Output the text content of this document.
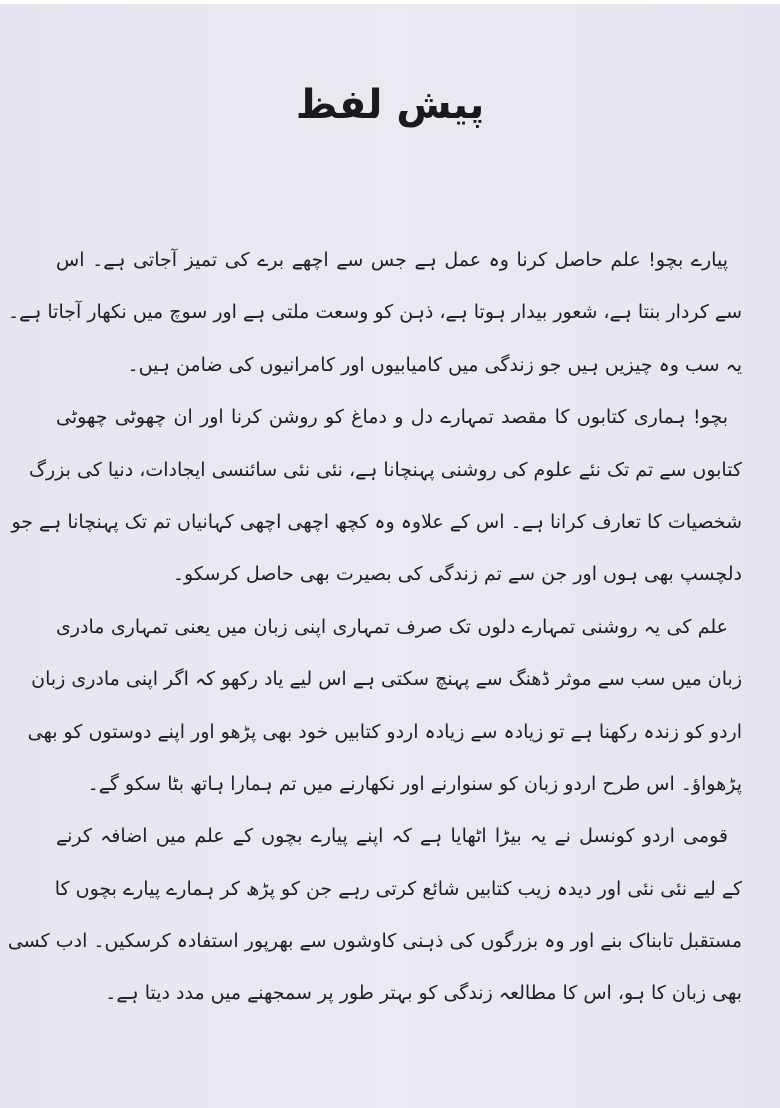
پیش لفظ
پیارے بچو! علم حاصل کرنا وہ عمل ہے جس سے اچھے برے کی تمیز آجاتی ہے۔ اس
سے کردار بنتا ہے، شعور بیدار ہوتا ہے، ذہن کو وسعت ملتی ہے اور سوچ میں نکھار آجاتا ہے۔
یہ سب وہ چیزیں ہیں جو زندگی میں کامیابیوں اور کامرانیوں کی ضامن ہیں۔
بچو! ہماری کتابوں کا مقصد تمہارے دل و دماغ کو روشن کرنا اور ان چھوٹی چھوٹی
کتابوں سے تم تک نئے علوم کی روشنی پہنچانا ہے، نئی نئی سائنسی ایجادات، دنیا کی بزرگ
شخصیات کا تعارف کرانا ہے۔ اس کے علاوہ وہ کچھ اچھی اچھی کہانیاں تم تک پہنچانا ہے جو
دلچسپ بھی ہوں اور جن سے تم زندگی کی بصیرت بھی حاصل کرسکو۔
علم کی یہ روشنی تمہارے دلوں تک صرف تمہاری اپنی زبان میں یعنی تمہاری مادری
زبان میں سب سے موثر ڈھنگ سے پہنچ سکتی ہے اس لیے یاد رکھو کہ اگر اپنی مادری زبان
اردو کو زندہ رکھنا ہے تو زیادہ سے زیادہ اردو کتابیں خود بھی پڑھو اور اپنے دوستوں کو بھی
پڑھواؤ۔ اس طرح اردو زبان کو سنوارنے اور نکھارنے میں تم ہمارا ہاتھ بٹا سکو گے۔
قومی اردو کونسل نے یہ بیڑا اٹھایا ہے کہ اپنے پیارے بچوں کے علم میں اضافہ کرنے
کے لیے نئی نئی اور دیدہ زیب کتابیں شائع کرتی رہے جن کو پڑھ کر ہمارے پیارے بچوں کا
مستقبل تابناک بنے اور وہ بزرگوں کی ذہنی کاوشوں سے بھرپور استفادہ کرسکیں۔ ادب کسی
بھی زبان کا ہو، اس کا مطالعہ زندگی کو بہتر طور پر سمجھنے میں مدد دیتا ہے۔
